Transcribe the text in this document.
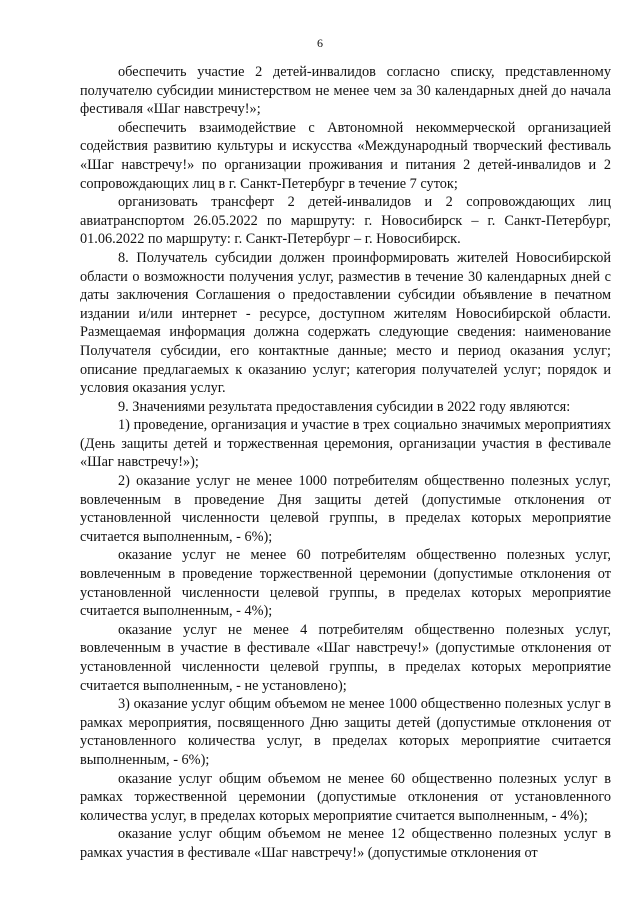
6

обеспечить участие 2 детей-инвалидов согласно списку, представленному получателю субсидии министерством не менее чем за 30 календарных дней до начала фестиваля «Шаг навстречу!»;

обеспечить взаимодействие с Автономной некоммерческой организацией содействия развитию культуры и искусства «Международный творческий фестиваль «Шаг навстречу!» по организации проживания и питания 2 детей-инвалидов и 2 сопровождающих лиц в г. Санкт-Петербург в течение 7 суток;

организовать трансферт 2 детей-инвалидов и 2 сопровождающих лиц авиатранспортом 26.05.2022 по маршруту: г. Новосибирск – г. Санкт-Петербург, 01.06.2022 по маршруту: г. Санкт-Петербург – г. Новосибирск.

8. Получатель субсидии должен проинформировать жителей Новосибирской области о возможности получения услуг, разместив в течение 30 календарных дней с даты заключения Соглашения о предоставлении субсидии объявление в печатном издании и/или интернет - ресурсе, доступном жителям Новосибирской области. Размещаемая информация должна содержать следующие сведения: наименование Получателя субсидии, его контактные данные; место и период оказания услуг; описание предлагаемых к оказанию услуг; категория получателей услуг; порядок и условия оказания услуг.

9. Значениями результата предоставления субсидии в 2022 году являются:

1) проведение, организация и участие в трех социально значимых мероприятиях (День защиты детей и торжественная церемония, организации участия в фестивале «Шаг навстречу!»);

2) оказание услуг не менее 1000 потребителям общественно полезных услуг, вовлеченным в проведение Дня защиты детей (допустимые отклонения от установленной численности целевой группы, в пределах которых мероприятие считается выполненным, - 6%);

оказание услуг не менее 60 потребителям общественно полезных услуг, вовлеченным в проведение торжественной церемонии (допустимые отклонения от установленной численности целевой группы, в пределах которых мероприятие считается выполненным, - 4%);

оказание услуг не менее 4 потребителям общественно полезных услуг, вовлеченным в участие в фестивале «Шаг навстречу!» (допустимые отклонения от установленной численности целевой группы, в пределах которых мероприятие считается выполненным, - не установлено);

3) оказание услуг общим объемом не менее 1000 общественно полезных услуг в рамках мероприятия, посвященного Дню защиты детей (допустимые отклонения от установленного количества услуг, в пределах которых мероприятие считается выполненным, - 6%);

оказание услуг общим объемом не менее 60 общественно полезных услуг в рамках торжественной церемонии (допустимые отклонения от установленного количества услуг, в пределах которых мероприятие считается выполненным, - 4%);

оказание услуг общим объемом не менее 12 общественно полезных услуг в рамках участия в фестивале «Шаг навстречу!» (допустимые отклонения от
